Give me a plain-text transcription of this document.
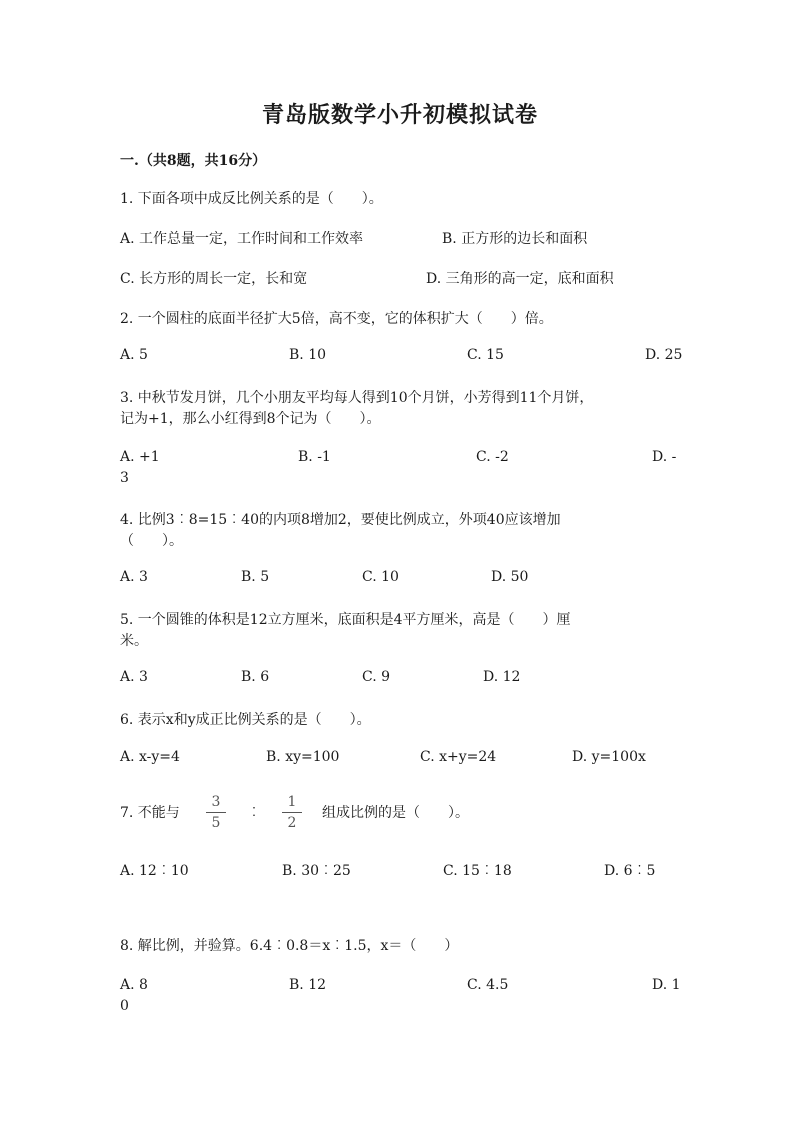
青岛版数学小升初模拟试卷
一.（共8题，共16分）
1. 下面各项中成反比例关系的是（　　）。
A. 工作总量一定，工作时间和工作效率	B. 正方形的边长和面积
C. 长方形的周长一定，长和宽	D. 三角形的高一定，底和面积
2. 一个圆柱的底面半径扩大5倍，高不变，它的体积扩大（　　）倍。
A. 5	B. 10	C. 15	D. 25
3. 中秋节发月饼，几个小朋友平均每人得到10个月饼，小芳得到11个月饼，
记为+1，那么小红得到8个记为（　　）。
A. +1	B. -1	C. -2	D. -
3
4. 比例3︰8=15︰40的内项8增加2，要使比例成立，外项40应该增加
（　　）。
A. 3	B. 5	C. 10	D. 50
5. 一个圆锥的体积是12立方厘米，底面积是4平方厘米，高是（　　）厘
米。
A. 3	B. 6	C. 9	D. 12
6. 表示x和y成正比例关系的是（　　）。
A. x-y=4	B. xy=100	C. x+y=24	D. y=100x
7. 不能与
3
5
︰
1
2
组成比例的是（　　）。
A. 12︰10	B. 30︰25	C. 15︰18	D. 6︰5
8. 解比例，并验算。6.4︰0.8＝x︰1.5，x＝（　　）
A. 8	B. 12	C. 4.5	D. 1
0
